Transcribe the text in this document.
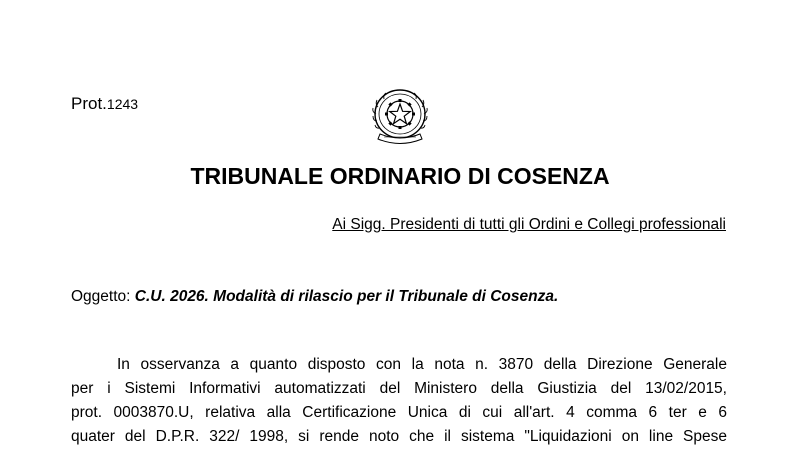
Prot.1243
TRIBUNALE ORDINARIO DI COSENZA
Ai Sigg. Presidenti di tutti gli Ordini e Collegi professionali
Oggetto: C.U. 2026. Modalità di rilascio per il Tribunale di Cosenza.
In osservanza a quanto disposto con la nota n. 3870 della Direzione Generale
per i Sistemi Informativi automatizzati del Ministero della Giustizia del 13/02/2015,
prot. 0003870.U, relativa alla Certificazione Unica di cui all'art. 4 comma 6 ter e 6
quater del D.P.R. 322/ 1998, si rende noto che il sistema "Liquidazioni on line Spese
